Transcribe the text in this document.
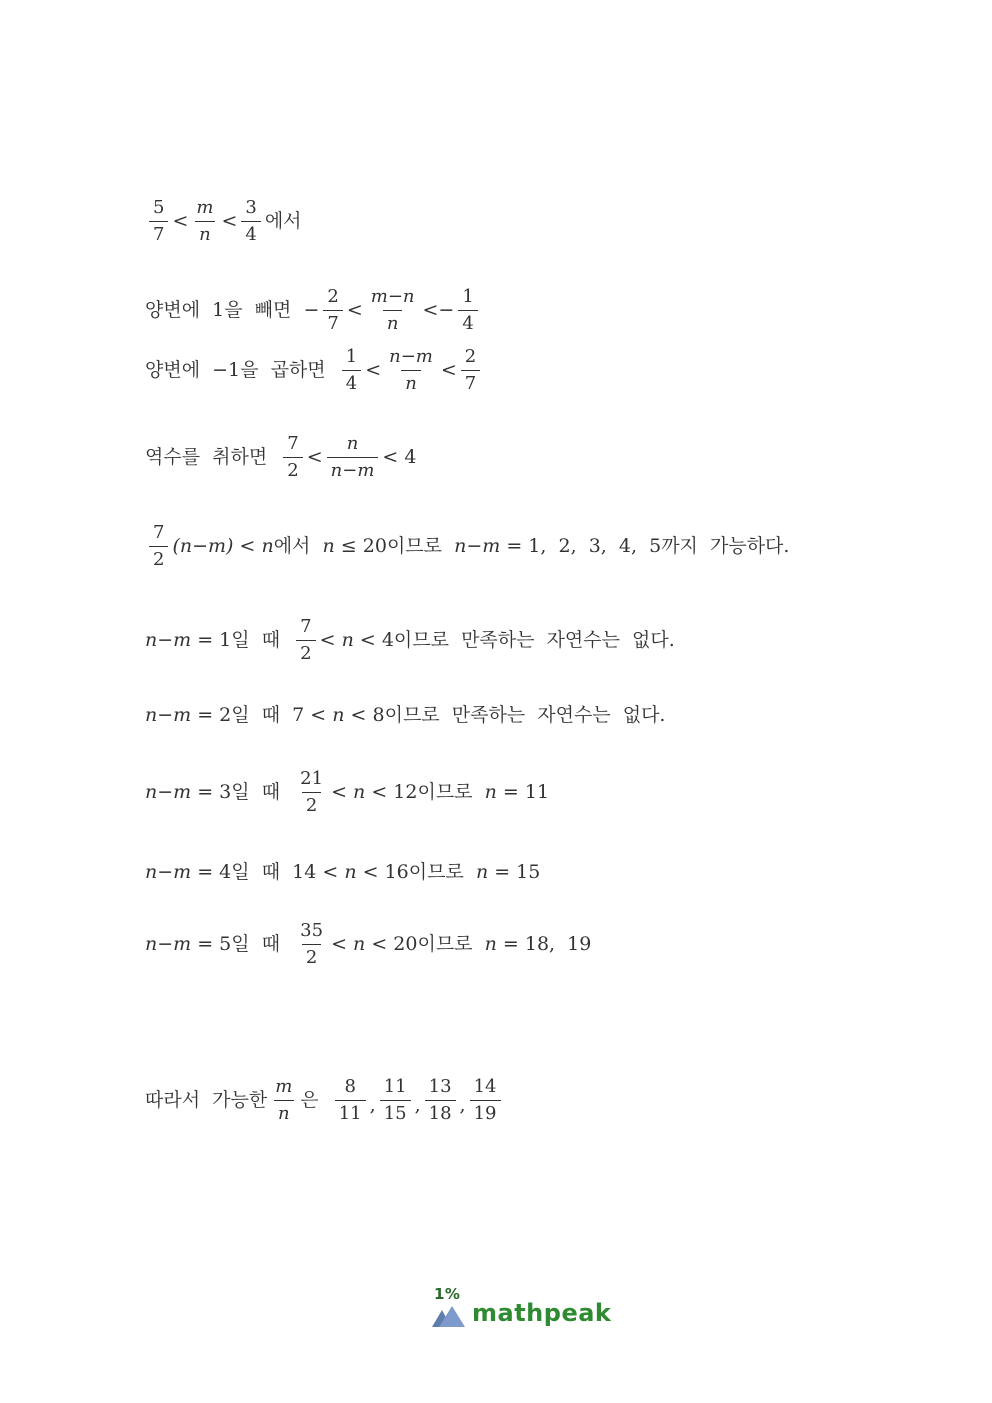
$\frac{5}{7} < \frac{m}{n} < \frac{3}{4}$ 에서
양변에  1을  빼면 − $\frac{2}{7} < \frac{m-n}{n} <- \frac{1}{4}$
양변에  −1을  곱하면 $\frac{1}{4} < \frac{n-m}{n} < \frac{2}{7}$
역수를  취하면 $\frac{7}{2} < \frac{n}{n-m} < 4$
$\frac{7}{2} (n-m) < n$ 에서 n ≤ 20 이므로 n−m = 1,  2,  3,  4,  5 까지  가능하다.
n−m = 1 일  때 $\frac{7}{2} < n < 4$ 이므로  만족하는  자연수는  없다.
n−m = 2 일  때 7 < n < 8 이므로  만족하는  자연수는  없다.
n−m = 3 일  때 $\frac{21}{2} < n < 12$ 이므로 n = 11
n−m = 4 일  때 14 < n < 16 이므로 n = 15
n−m = 5 일  때 $\frac{35}{2} < n < 20$ 이므로 n = 18,  19
따라서  가능한 $\frac{m}{n}$ 은 $\frac{8}{11}$ , $\frac{11}{15}$ , $\frac{13}{18}$ , $\frac{14}{19}$
1%
mathpeak
